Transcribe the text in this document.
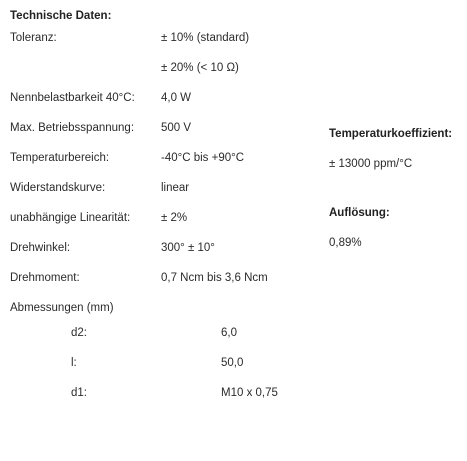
Technische Daten:
Toleranz:	± 10% (standard)
± 20% (< 10 Ω)
Nennbelastbarkeit 40°C: 4,0 W
Max. Betriebsspannung: 500 V
Temperaturbereich:	-40°C bis +90°C
Widerstandskurve:	linear
unabhängige Linearität:	± 2%
Drehwinkel:	300° ± 10°
Drehmoment:	0,7 Ncm bis 3,6 Ncm
Abmessungen (mm)
d2:	6,0
l:	50,0
d1:	M10 x 0,75
Temperaturkoeffizient:
± 13000 ppm/°C
Auflösung:
0,89%
